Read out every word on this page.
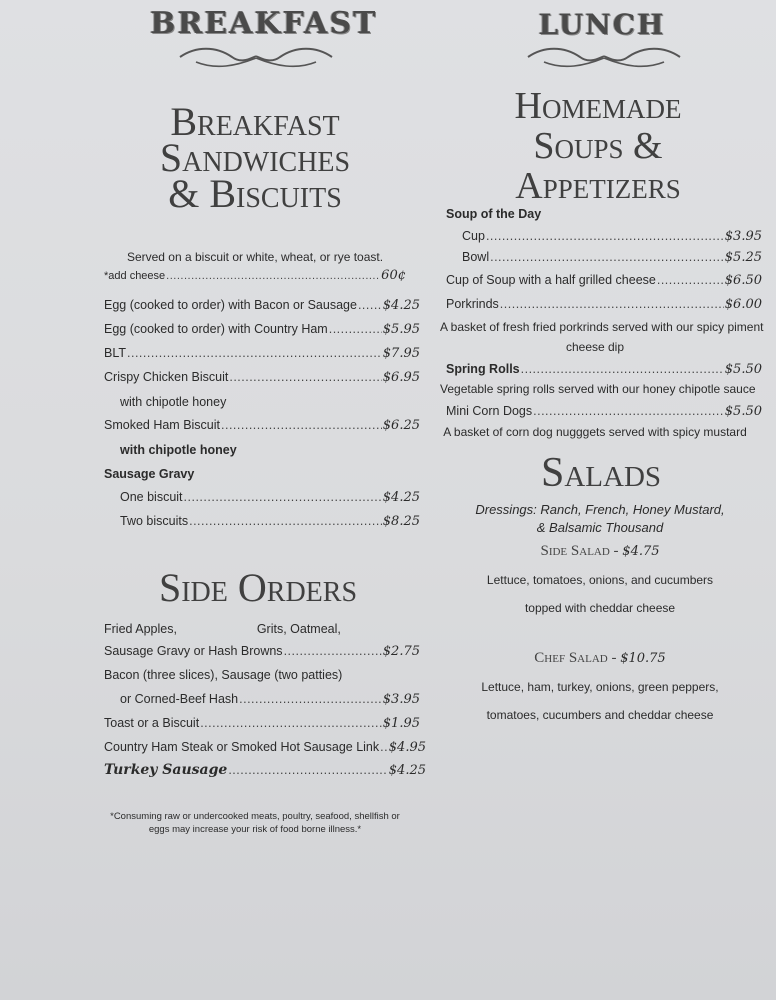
BREAKFAST
Breakfast
Sandwiches
& Biscuits
Served on a biscuit or white, wheat, or rye toast.
*add cheese .....	60¢
Egg (cooked to order) with Bacon or Sausage ..... $4.25
Egg (cooked to order) with Country Ham .....	$5.95
BLT .....	$7.95
Crispy Chicken Biscuit .....	$6.95
with chipotle honey
Smoked Ham Biscuit .....	$6.25
with chipotle honey
Sausage Gravy
One biscuit .....	$4.25
Two biscuits .....	$8.25
Side Orders
Fried Apples,                       Grits, Oatmeal,
Sausage Gravy or Hash Browns .....	$2.75
Bacon (three slices), Sausage (two patties)
or Corned-Beef Hash .....	$3.95
Toast or a Biscuit .....	$1.95
Country Ham Steak or Smoked Hot Sausage Link ..... $4.95
Turkey Sausage .....	$4.25
*Consuming raw or undercooked meats, poultry, seafood, shellfish or eggs may increase your risk of food borne illness.*
LUNCH
Homemade
Soups &
Appetizers
Soup of the Day
Cup .....	$3.95
Bowl .....	$5.25
Cup of Soup with a half grilled cheese .....	$6.50
Porkrinds .....	$6.00
A basket of fresh fried porkrinds served with our spicy piment
cheese dip
Spring Rolls .....	$5.50
Vegetable spring rolls served with our honey chipotle sauce
Mini Corn Dogs .....	$5.50
A basket of corn dog nugggets served with spicy mustard
Salads
Dressings: Ranch, French, Honey Mustard,
& Balsamic Thousand
Side Salad - $4.75
Lettuce, tomatoes, onions, and cucumbers
topped with cheddar cheese
Chef Salad - $10.75
Lettuce, ham, turkey, onions, green peppers,
tomatoes, cucumbers and cheddar cheese
